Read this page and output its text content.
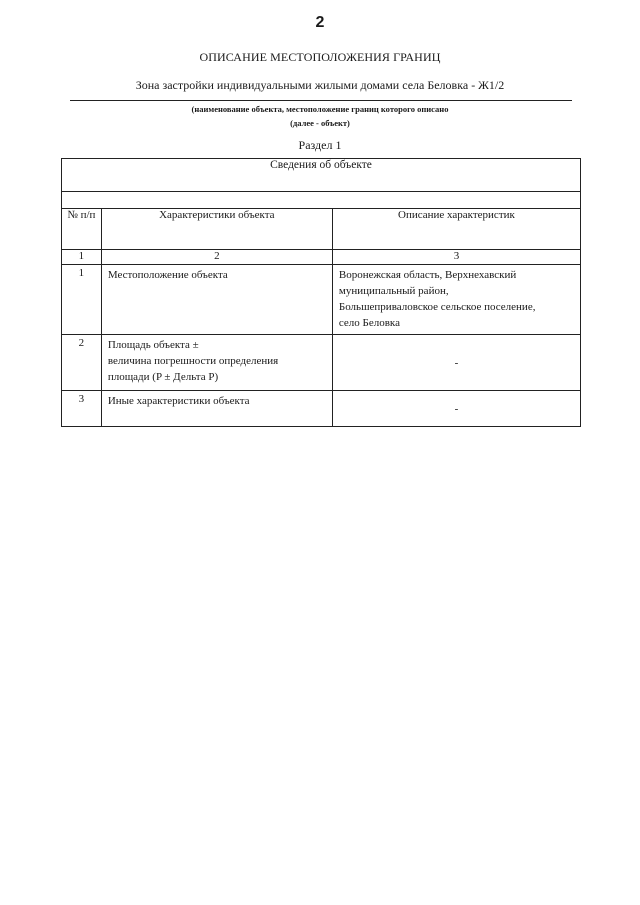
2
ОПИСАНИЕ МЕСТОПОЛОЖЕНИЯ ГРАНИЦ
Зона застройки индивидуальными жилыми домами села Беловка - Ж1/2
(наименование объекта, местоположение границ которого описано
(далее - объект)
Раздел 1
Сведения об объекте		

№ п/п	Характеристики объекта	Описание характеристик
1	2	3
1	Местоположение объекта	Воронежская область, Верхнехавский
муниципальный район,
Большеприваловское сельское поселение,
село Беловка

2	Площадь объекта ±
величина погрешности определения
площади (P ± Дельта P)	-
3	Иные характеристики объекта	-
